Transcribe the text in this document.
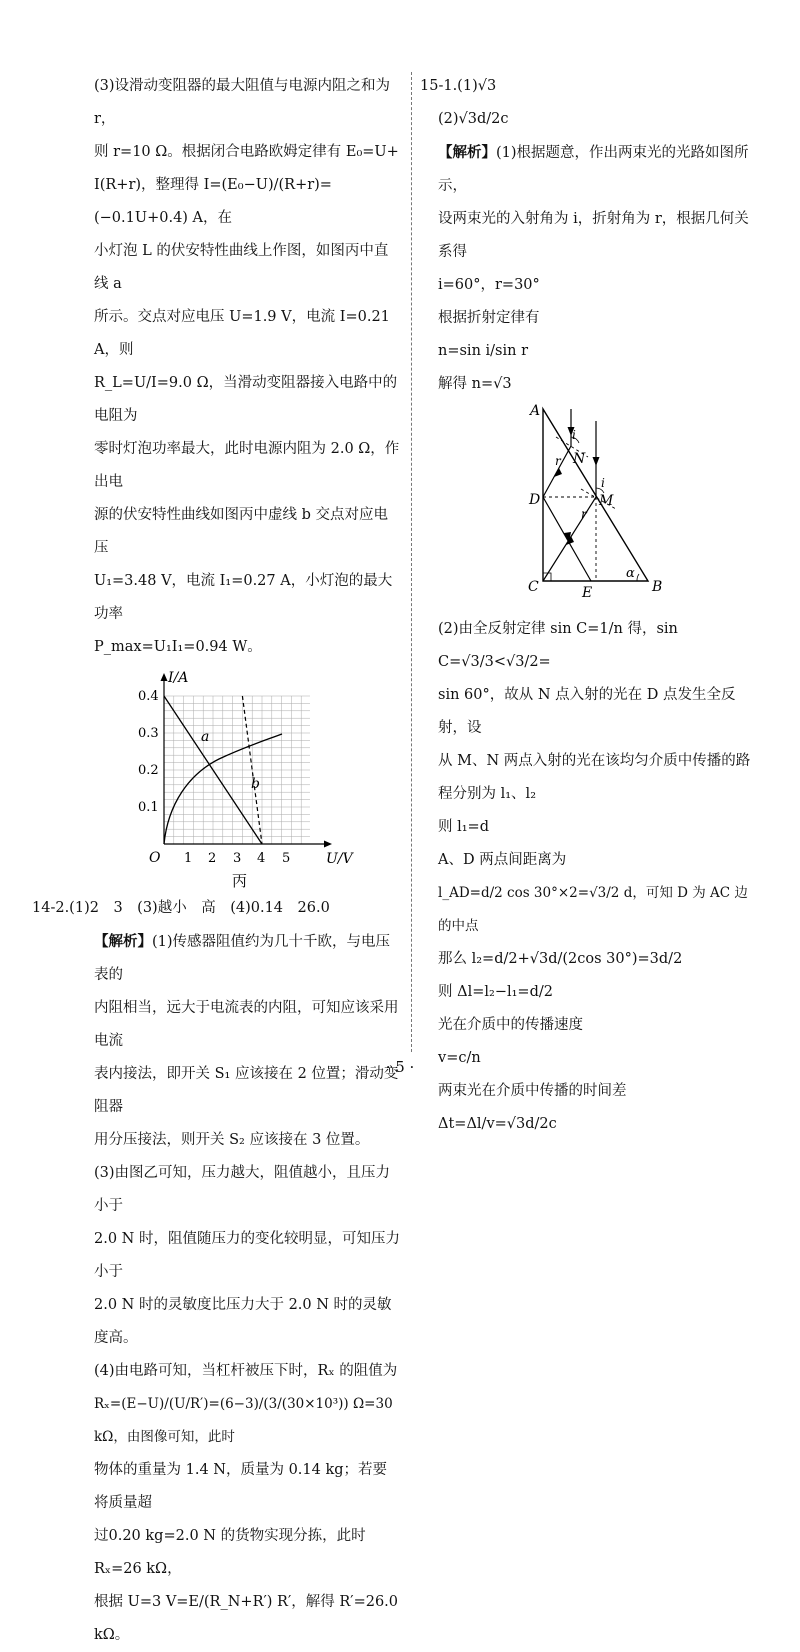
(3)设滑动变阻器的最大阻值与电源内阻之和为 r，

则 r=10 Ω。根据闭合电路欧姆定律有 E₀=U+

I(R+r)，整理得 I=(E₀−U)/(R+r)=(−0.1U+0.4) A，在

小灯泡 L 的伏安特性曲线上作图，如图丙中直线 a

所示。交点对应电压 U=1.9 V，电流 I=0.21 A，则

R_L=U/I=9.0 Ω，当滑动变阻器接入电路中的电阻为

零时灯泡功率最大，此时电源内阻为 2.0 Ω，作出电

源的伏安特性曲线如图丙中虚线 b 交点对应电压

U₁=3.48 V，电流 I₁=0.27 A，小灯泡的最大功率

P_max=U₁I₁=0.94 W。

I/A
U/V
O
0.1
0.2
0.3
0.4
1 2 3 4 5
a
b
丙

14-2.(1)2　3　(3)越小　高　(4)0.14　26.0

【解析】(1)传感器阻值约为几十千欧，与电压表的

内阻相当，远大于电流表的内阻，可知应该采用电流

表内接法，即开关 S₁ 应该接在 2 位置；滑动变阻器

用分压接法，则开关 S₂ 应该接在 3 位置。

(3)由图乙可知，压力越大，阻值越小，且压力小于

2.0 N 时，阻值随压力的变化较明显，可知压力小于

2.0 N 时的灵敏度比压力大于 2.0 N 时的灵敏度高。

(4)由电路可知，当杠杆被压下时，Rₓ 的阻值为

Rₓ=(E−U)/(U/R′)=(6−3)/(3/(30×10³)) Ω=30 kΩ，由图像可知，此时

物体的重量为 1.4 N，质量为 0.14 kg；若要将质量超

过0.20 kg=2.0 N 的货物实现分拣，此时 Rₓ=26 kΩ，

根据 U=3 V=E/(R_N+R′) R′，解得 R′=26.0 kΩ。

15-1.(1)√3

(2)√3d/2c

【解析】(1)根据题意，作出两束光的光路如图所示，

设两束光的入射角为 i，折射角为 r，根据几何关系得

i=60°，r=30°

根据折射定律有

n=sin i/sin r

解得 n=√3

A
D
C	B
E
N
M
i
i
r
r
α

(2)由全反射定律 sin C=1/n 得，sin C=√3/3<√3/2=

sin 60°，故从 N 点入射的光在 D 点发生全反射，设

从 M、N 两点入射的光在该均匀介质中传播的路

程分别为 l₁、l₂

则 l₁=d

A、D 两点间距离为

l_AD=d/2 cos 30°×2=√3/2 d，可知 D 为 AC 边的中点

那么 l₂=d/2+√3d/(2cos 30°)=3d/2

则 Δl=l₂−l₁=d/2

光在介质中的传播速度

v=c/n

两束光在介质中传播的时间差

Δt=Δl/v=√3d/2c

· 5 ·
